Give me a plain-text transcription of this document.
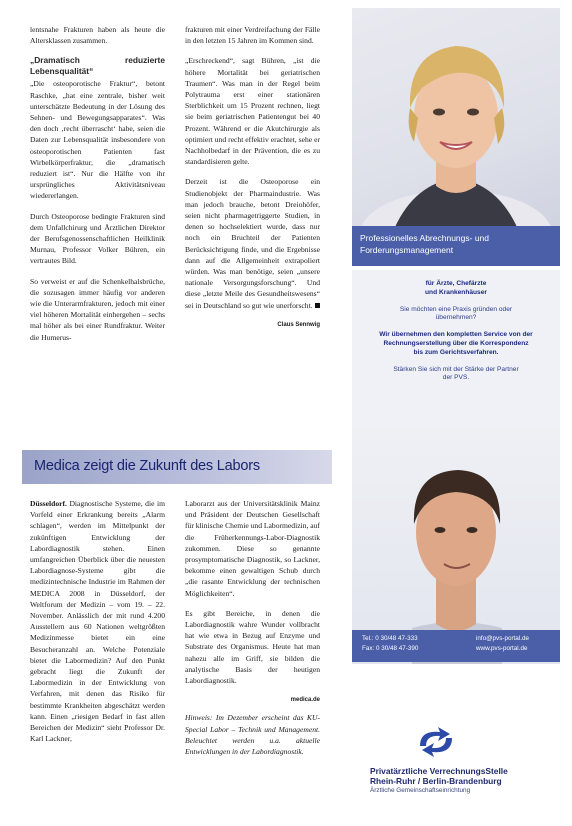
lentsnahe Frakturen haben als heute die Altersklassen zusammen.

„Dramatisch reduzierte Lebensqualität“

„Die osteoporotische Fraktur“, betont Raschke, „hat eine zentrale, bisher weit unterschätzte Bedeutung in der Lösung des Sehnen- und Bewegungsapparates“. Was den doch ‚recht überrascht‘ habe, seien die Daten zur Lebensqualität insbesondere von osteoporotischen Patienten fast Wirbelkörperfraktur, die „dramatisch reduziert ist“. Nur die Hälfte von ihr ursprüngliches Aktivitätsniveau wiedererlangen.

Durch Osteoporose bedingte Frakturen sind dem Unfallchirurg und Ärztlichen Direktor der Berufsgenossenschaftlichen Heilklinik Murnau, Professor Volker Bühren, ein vertrautes Bild.

So verweist er auf die Schenkelhalsbrüche, die sozusagen immer häufig vor anderen wie die Unterarmfrakturen, jedoch mit einer viel höheren Mortalität einhergehen – sechs mal höher als bei einer Rundfraktur. Weiter die Humerus-

frakturen mit einer Verdreifachung der Fälle in den letzten 15 Jahren im Kommen sind.

„Erschreckend“, sagt Bühren, „ist die höhere Mortalität bei geriatrischen Traumen“. Was man in der Regel beim Polytrauma erst einer stationären Sterblichkeit um 15 Prozent rechnen, liegt sie beim geriatrischen Patientengut bei 40 Prozent. Während er die Akutchirurgie als optimiert und recht effektiv erachtet, sehe er Nachholbedarf in der Prävention, die es zu standardisieren gelte.

Derzeit ist die Osteoporose ein Studienobjekt der Pharmaindustrie. Was man jedoch brauche, betont Dreiohöfer, seien nicht pharmagetriggerte Studien, in denen so hochselektiert wurde, dass nur noch ein Bruchteil der Patienten Berücksichtigung finde, und die Ergebnisse dann auf die Allgemeinheit extrapoliert würden. Was man benötige, seien „unsere nationale Versorgungsforschung“. Und diese „letzte Meile des Gesundheitswesens“ sei in Deutschland so gut wie unerforscht.

Claus Sennwig
Medica zeigt die Zukunft des Labors

Düsseldorf. Diagnostische Systeme, die im Vorfeld einer Erkrankung bereits „Alarm schlagen“, werden im Mittelpunkt der zukünftigen Entwicklung der Labordiagnostik stehen. Einen umfangreichen Überblick über die neuesten Labordiagnose-Systeme gibt die medizintechnische Industrie im Rahmen der MEDICA 2008 in Düsseldorf, der Weltforum der Medizin – vom 19. – 22. November. Anlässlich der mit rund 4.200 Ausstellern aus 60 Nationen weltgrößten Medizinmesse bietet ein eine Besucheranzahl an. Welche Potenziale bietet die Labormedizin? Auf den Punkt gebracht liegt die Zukunft der Labormedizin in der Entwicklung von Verfahren, mit denen das Risiko für bestimmte Krankheiten abgeschätzt werden kann. Einen „riesigen Bedarf in fast allen Bereichen der Medizin“ sieht Professor Dr. Karl Lackner,

Laborarzt aus der Universitätsklinik Mainz und Präsident der Deutschen Gesellschaft für klinische Chemie und Labormedizin, auf die Früherkennungs-Labor-Diagnostik zukommen. Diese so genannte prosymptomatische Diagnostik, so Lackner, bekomme einen gewaltigen Schub durch „die rasante Entwicklung der technischen Möglichkeiten“.

Es gibt Bereiche, in denen die Labordiagnostik wahre Wunder vollbracht hat wie etwa in Bezug auf Enzyme und Substrate des Organismus. Heute hat man nahezu alle im Griff, sie bilden die analytische Basis der heutigen Labordiagnostik.

medica.de

Hinweis: Im Dezember erscheint das KU-Special Labor – Technik und Management. Beleuchtet werden u.a. aktuelle Entwicklungen in der Labordiagnostik.

Professionelles Abrechnungs- und Forderungsmanagement

für Ärzte, Chefärzte
und Krankenhäuser

Sie möchten eine Praxis gründen oder übernehmen?

Wir übernehmen den kompletten Service von der Rechnungserstellung über die Korrespondenz bis zum Gerichtsverfahren.

Stärken Sie sich mit der Stärke der Partner der PVS.

Tel.: 0 30/48 47-333
Fax: 0 30/48 47-390
info@pvs-portal.de
www.pvs-portal.de
Privatärztliche VerrechnungsStelle
Rhein-Ruhr / Berlin-Brandenburg
Ärztliche Gemeinschaftseinrichtung
